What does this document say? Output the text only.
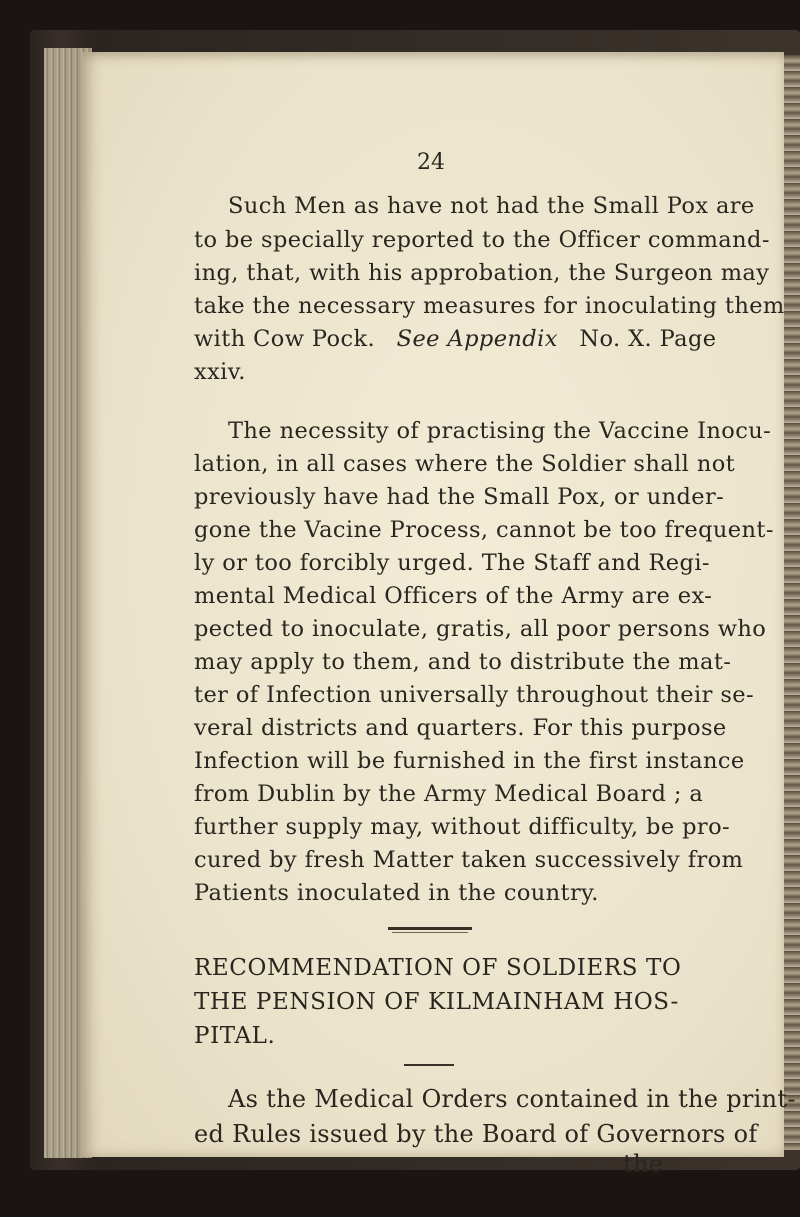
24
Such Men as have not had the Small Pox are
to be specially reported to the Officer command-
ing, that, with his approbation, the Surgeon may
take the necessary measures for inoculating them
with Cow Pock. See Appendix No. X. Page
xxiv.
The necessity of practising the Vaccine Inocu-
lation, in all cases where the Soldier shall not
previously have had the Small Pox, or under-
gone the Vacine Process, cannot be too frequent-
ly or too forcibly urged. The Staff and Regi-
mental Medical Officers of the Army are ex-
pected to inoculate, gratis, all poor persons who
may apply to them, and to distribute the mat-
ter of Infection universally throughout their se-
veral districts and quarters. For this purpose
Infection will be furnished in the first instance
from Dublin by the Army Medical Board ; a
further supply may, without difficulty, be pro-
cured by fresh Matter taken successively from
Patients inoculated in the country.
RECOMMENDATION OF SOLDIERS TO
THE PENSION OF KILMAINHAM HOS-
PITAL.
As the Medical Orders contained in the print-
ed Rules issued by the Board of Governors of
the
